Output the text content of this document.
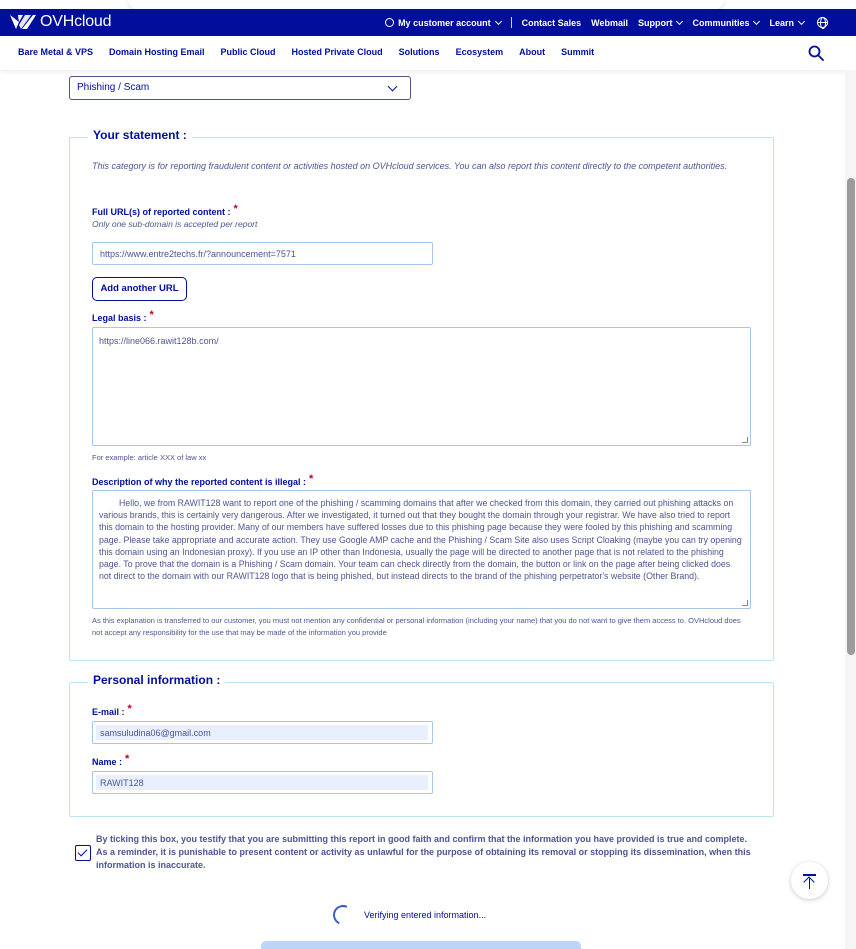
OVHcloud	My customer account	Contact Sales Webmail Support Communities Learn
Bare Metal & VPS Domain Hosting Email Public Cloud Hosted Private Cloud Solutions Ecosystem About Summit
Phishing / Scam
Your statement :
This category is for reporting fraudulent content or activities hosted on OVHcloud services. You can also report this content directly to the competent authorities.
Full URL(s) of reported content : *
Only one sub-domain is accepted per report
https://www.entre2techs.fr/?announcement=7571
Add another URL
Legal basis : *
https://line066.rawit128b.com/
For example: article XXX of law xx
Description of why the reported content is illegal : *
Hello, we from RAWIT128 want to report one of the phishing / scamming domains that after we checked from this domain, they carried out phishing attacks on various brands, this is certainly very dangerous. After we investigated, it turned out that they bought the domain through your registrar. We have also tried to report this domain to the hosting provider. Many of our members have suffered losses due to this phishing page because they were fooled by this phishing and scamming page. Please take appropriate and accurate action. They use Google AMP cache and the Phishing / Scam Site also uses Script Cloaking (maybe you can try opening this domain using an Indonesian proxy). If you use an IP other than Indonesia, usually the page will be directed to another page that is not related to the phishing page. To prove that the domain is a Phishing / Scam domain. Your team can check directly from the domain, the button or link on the page after being clicked does not direct to the domain with our RAWIT128 logo that is being phished, but instead directs to the brand of the phishing perpetrator's website (Other Brand).
As this explanation is transferred to our customer, you must not mention any confidential or personal information (including your name) that you do not want to give them access to. OVHcloud does not accept any responsibility for the use that may be made of the information you provide
Personal information :
E-mail : *
samsuludina06@gmail.com
Name : *
RAWIT128
By ticking this box, you testify that you are submitting this report in good faith and confirm that the information you have provided is true and complete. As a reminder, it is punishable to present content or activity as unlawful for the purpose of obtaining its removal or stopping its dissemination, when this information is inaccurate.
Verifying entered information...
